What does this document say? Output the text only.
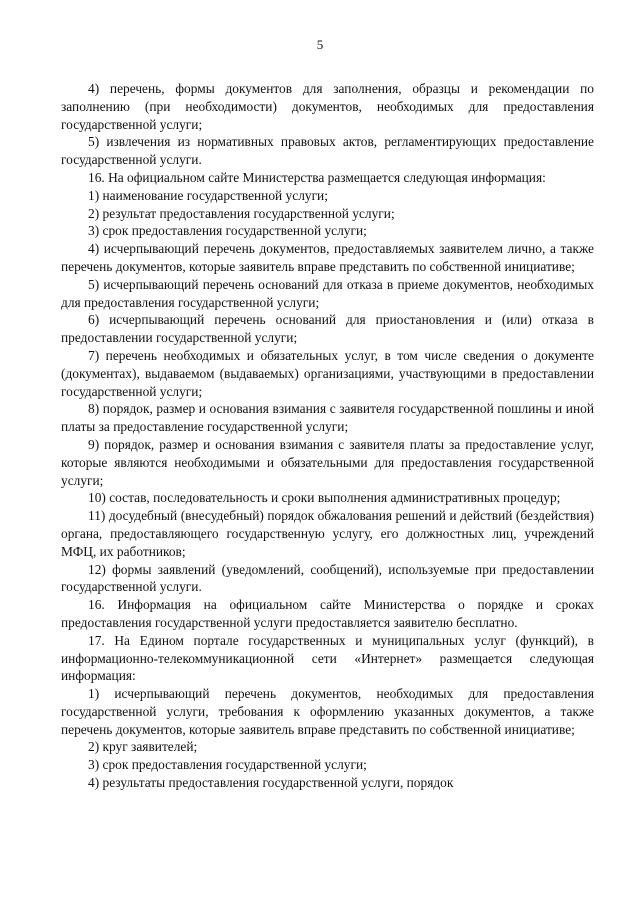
5

4) перечень, формы документов для заполнения, образцы и рекомендации по заполнению (при необходимости) документов, необходимых для предоставления государственной услуги;

5) извлечения из нормативных правовых актов, регламентирующих предоставление государственной услуги.

16. На официальном сайте Министерства размещается следующая информация:

1) наименование государственной услуги;

2) результат предоставления государственной услуги;

3) срок предоставления государственной услуги;

4) исчерпывающий перечень документов, предоставляемых заявителем лично, а также перечень документов, которые заявитель вправе представить по собственной инициативе;

5) исчерпывающий перечень оснований для отказа в приеме документов, необходимых для предоставления государственной услуги;

6) исчерпывающий перечень оснований для приостановления и (или) отказа в предоставлении государственной услуги;

7) перечень необходимых и обязательных услуг, в том числе сведения о документе (документах), выдаваемом (выдаваемых) организациями, участвующими в предоставлении государственной услуги;

8) порядок, размер и основания взимания с заявителя государственной пошлины и иной платы за предоставление государственной услуги;

9) порядок, размер и основания взимания с заявителя платы за предоставление услуг, которые являются необходимыми и обязательными для предоставления государственной услуги;

10) состав, последовательность и сроки выполнения административных процедур;

11) досудебный (внесудебный) порядок обжалования решений и действий (бездействия) органа, предоставляющего государственную услугу, его должностных лиц, учреждений МФЦ, их работников;

12) формы заявлений (уведомлений, сообщений), используемые при предоставлении государственной услуги.

16. Информация на официальном сайте Министерства о порядке и сроках предоставления государственной услуги предоставляется заявителю бесплатно.

17. На Едином портале государственных и муниципальных услуг (функций), в информационно-телекоммуникационной сети «Интернет» размещается следующая информация:

1) исчерпывающий перечень документов, необходимых для предоставления государственной услуги, требования к оформлению указанных документов, а также перечень документов, которые заявитель вправе представить по собственной инициативе;

2) круг заявителей;

3) срок предоставления государственной услуги;

4) результаты предоставления государственной услуги, порядок
